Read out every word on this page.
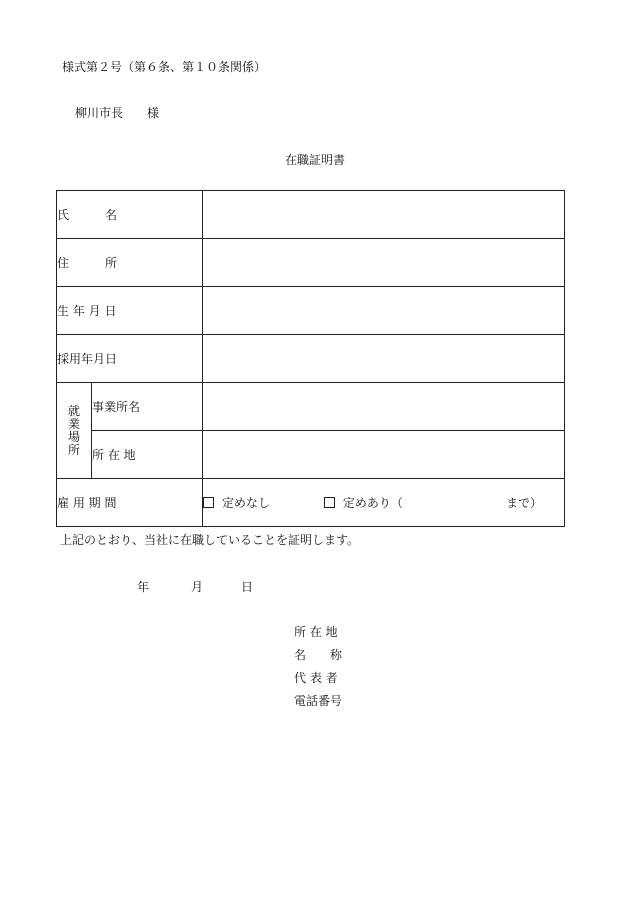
様式第２号（第６条、第１０条関係）
柳川市長　　様
在職証明書
氏　　　名		
住　　　所		
生 年 月 日		
採用年月日		
就業場所	事業所名	
	所 在 地	
雇 用 期 間		定めなし 定めあり（ まで）
上記のとおり、当社に在職していることを証明します。
年	月	日
所 在 地
名　　称
代 表 者
電話番号
